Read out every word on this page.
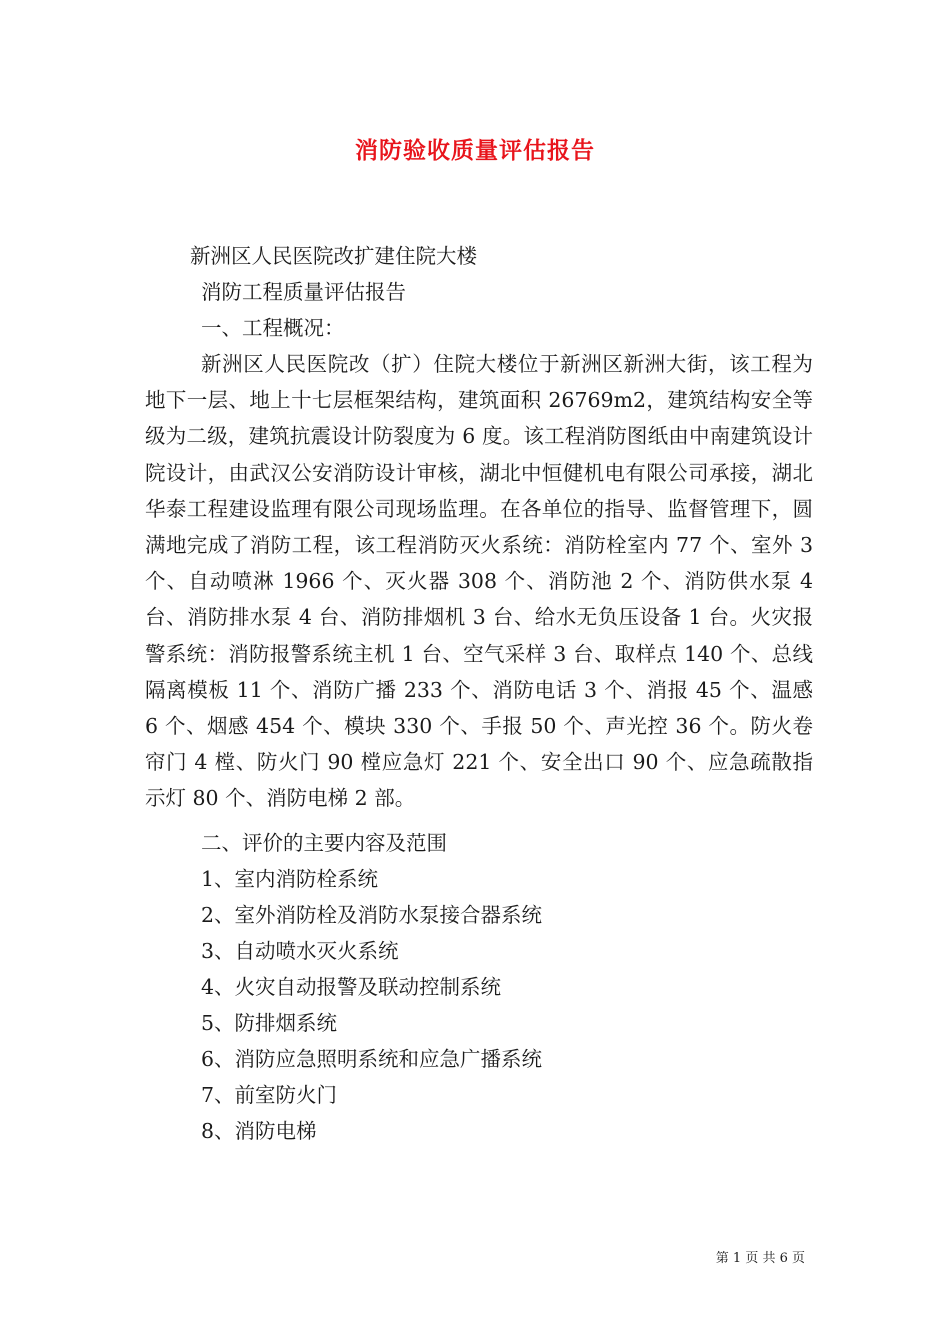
消防验收质量评估报告
新洲区人民医院改扩建住院大楼
消防工程质量评估报告
一、工程概况：
新洲区人民医院改（扩）住院大楼位于新洲区新洲大街，该工程为地下一层、地上十七层框架结构，建筑面积 26769m2，建筑结构安全等级为二级，建筑抗震设计防裂度为 6 度。该工程消防图纸由中南建筑设计院设计，由武汉公安消防设计审核，湖北中恒健机电有限公司承接，湖北华泰工程建设监理有限公司现场监理。在各单位的指导、监督管理下，圆满地完成了消防工程，该工程消防灭火系统：消防栓室内 77 个、室外 3 个、自动喷淋 1966 个、灭火器 308 个、消防池 2 个、消防供水泵 4 台、消防排水泵 4 台、消防排烟机 3 台、给水无负压设备 1 台。火灾报警系统：消防报警系统主机 1 台、空气采样 3 台、取样点 140 个、总线隔离模板 11 个、消防广播 233 个、消防电话 3 个、消报 45 个、温感 6 个、烟感 454 个、模块 330 个、手报 50 个、声光控 36 个。防火卷帘门 4 樘、防火门 90 樘应急灯 221 个、安全出口 90 个、应急疏散指示灯 80 个、消防电梯 2 部。
二、评价的主要内容及范围
1、室内消防栓系统
2、室外消防栓及消防水泵接合器系统
3、自动喷水灭火系统
4、火灾自动报警及联动控制系统
5、防排烟系统
6、消防应急照明系统和应急广播系统
7、前室防火门
8、消防电梯
第 1 页 共 6 页
